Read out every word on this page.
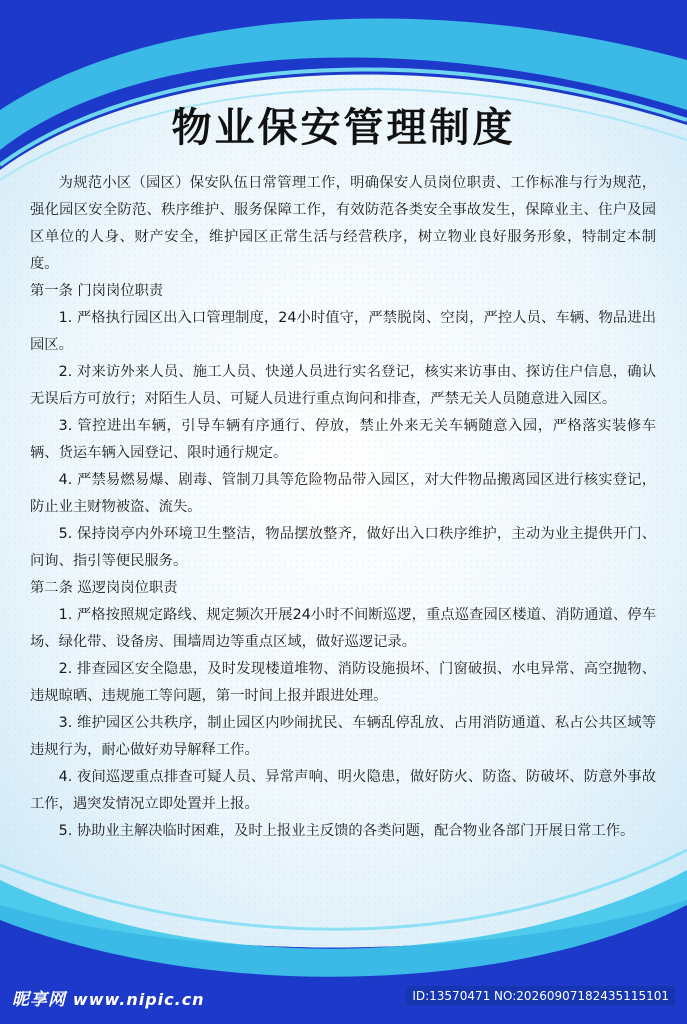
物业保安管理制度

为规范小区（园区）保安队伍日常管理工作，明确保安人员岗位职责、工作标准与行为规范，强化园区安全防范、秩序维护、服务保障工作，有效防范各类安全事故发生，保障业主、住户及园区单位的人身、财产安全，维护园区正常生活与经营秩序，树立物业良好服务形象，特制定本制度。

第一条 门岗岗位职责

1. 严格执行园区出入口管理制度，24小时值守，严禁脱岗、空岗，严控人员、车辆、物品进出园区。

2. 对来访外来人员、施工人员、快递人员进行实名登记，核实来访事由、探访住户信息，确认无误后方可放行；对陌生人员、可疑人员进行重点询问和排查，严禁无关人员随意进入园区。

3. 管控进出车辆，引导车辆有序通行、停放，禁止外来无关车辆随意入园，严格落实装修车辆、货运车辆入园登记、限时通行规定。

4. 严禁易燃易爆、剧毒、管制刀具等危险物品带入园区，对大件物品搬离园区进行核实登记，防止业主财物被盗、流失。

5. 保持岗亭内外环境卫生整洁，物品摆放整齐，做好出入口秩序维护，主动为业主提供开门、问询、指引等便民服务。

第二条 巡逻岗岗位职责

1. 严格按照规定路线、规定频次开展24小时不间断巡逻，重点巡查园区楼道、消防通道、停车场、绿化带、设备房、围墙周边等重点区域，做好巡逻记录。

2. 排查园区安全隐患，及时发现楼道堆物、消防设施损坏、门窗破损、水电异常、高空抛物、违规晾晒、违规施工等问题，第一时间上报并跟进处理。

3. 维护园区公共秩序，制止园区内吵闹扰民、车辆乱停乱放、占用消防通道、私占公共区域等违规行为，耐心做好劝导解释工作。

4. 夜间巡逻重点排查可疑人员、异常声响、明火隐患，做好防火、防盗、防破坏、防意外事故工作，遇突发情况立即处置并上报。

5. 协助业主解决临时困难，及时上报业主反馈的各类问题，配合物业各部门开展日常工作。

昵享网 www.nipic.cn	ID:13570471 NO:20260907182435115101
